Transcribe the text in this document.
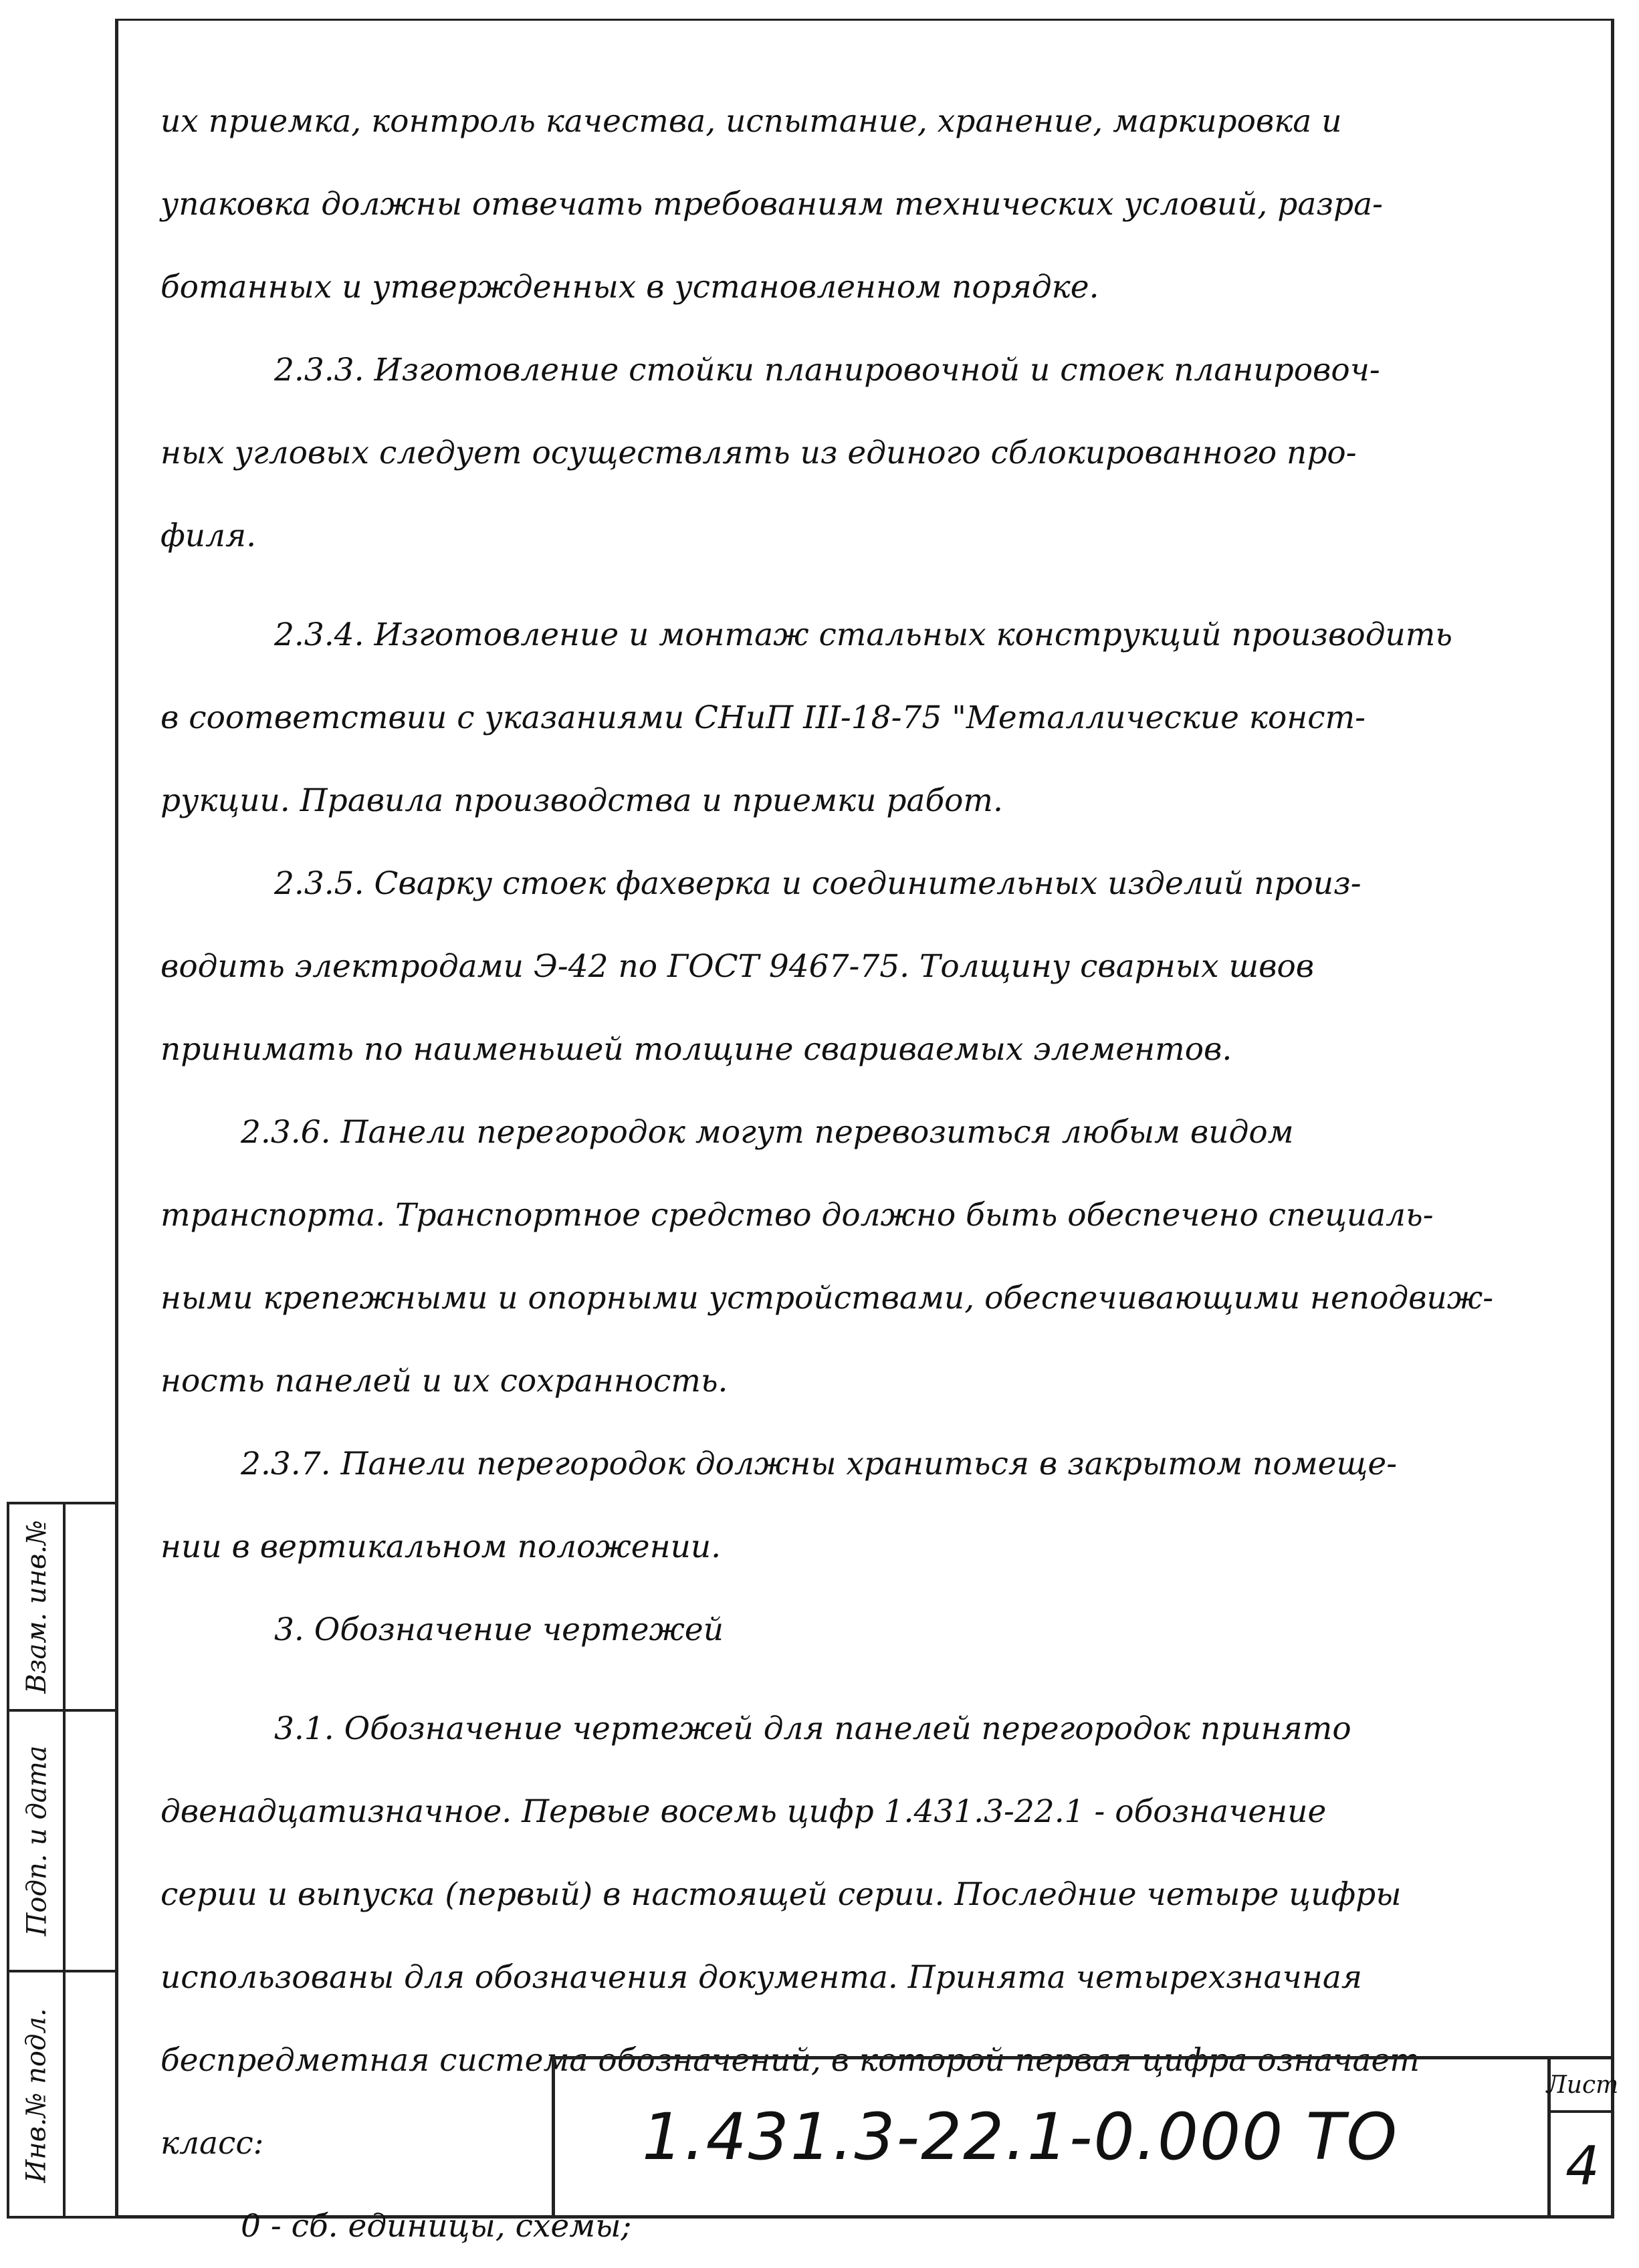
Взам. инв.№
Подп. и дата
Инв.№ подл.
их приемка, контроль качества, испытание, хранение, маркировка и
упаковка должны отвечать требованиям технических условий, разра-
ботанных и утвержденных в установленном порядке.
2.3.3. Изготовление стойки планировочной и стоек планировоч-
ных угловых следует осуществлять из единого сблокированного про-
филя.
2.3.4. Изготовление и монтаж стальных конструкций производить
в соответствии с указаниями СНиП III-18-75 "Металлические конст-
рукции. Правила производства и приемки работ.
2.3.5. Сварку стоек фахверка и соединительных изделий произ-
водить электродами Э-42 по ГОСТ 9467-75. Толщину сварных швов
принимать по наименьшей толщине свариваемых элементов.
2.3.6. Панели перегородок могут перевозиться любым видом
транспорта. Транспортное средство должно быть обеспечено специаль-
ными крепежными и опорными устройствами, обеспечивающими неподвиж-
ность панелей и их сохранность.
2.3.7. Панели перегородок должны храниться в закрытом помеще-
нии в вертикальном положении.
3. Обозначение чертежей
3.1. Обозначение чертежей для панелей перегородок принято
двенадцатизначное. Первые восемь цифр 1.431.3-22.1 - обозначение
серии и выпуска (первый) в настоящей серии. Последние четыре цифры
использованы для обозначения документа. Принята четырехзначная
беспредметная система обозначений, в которой первая цифра означает
класс:
0 - сб. единицы, схемы;
1.431.3-22.1-0.000 ТО
Лист
4
